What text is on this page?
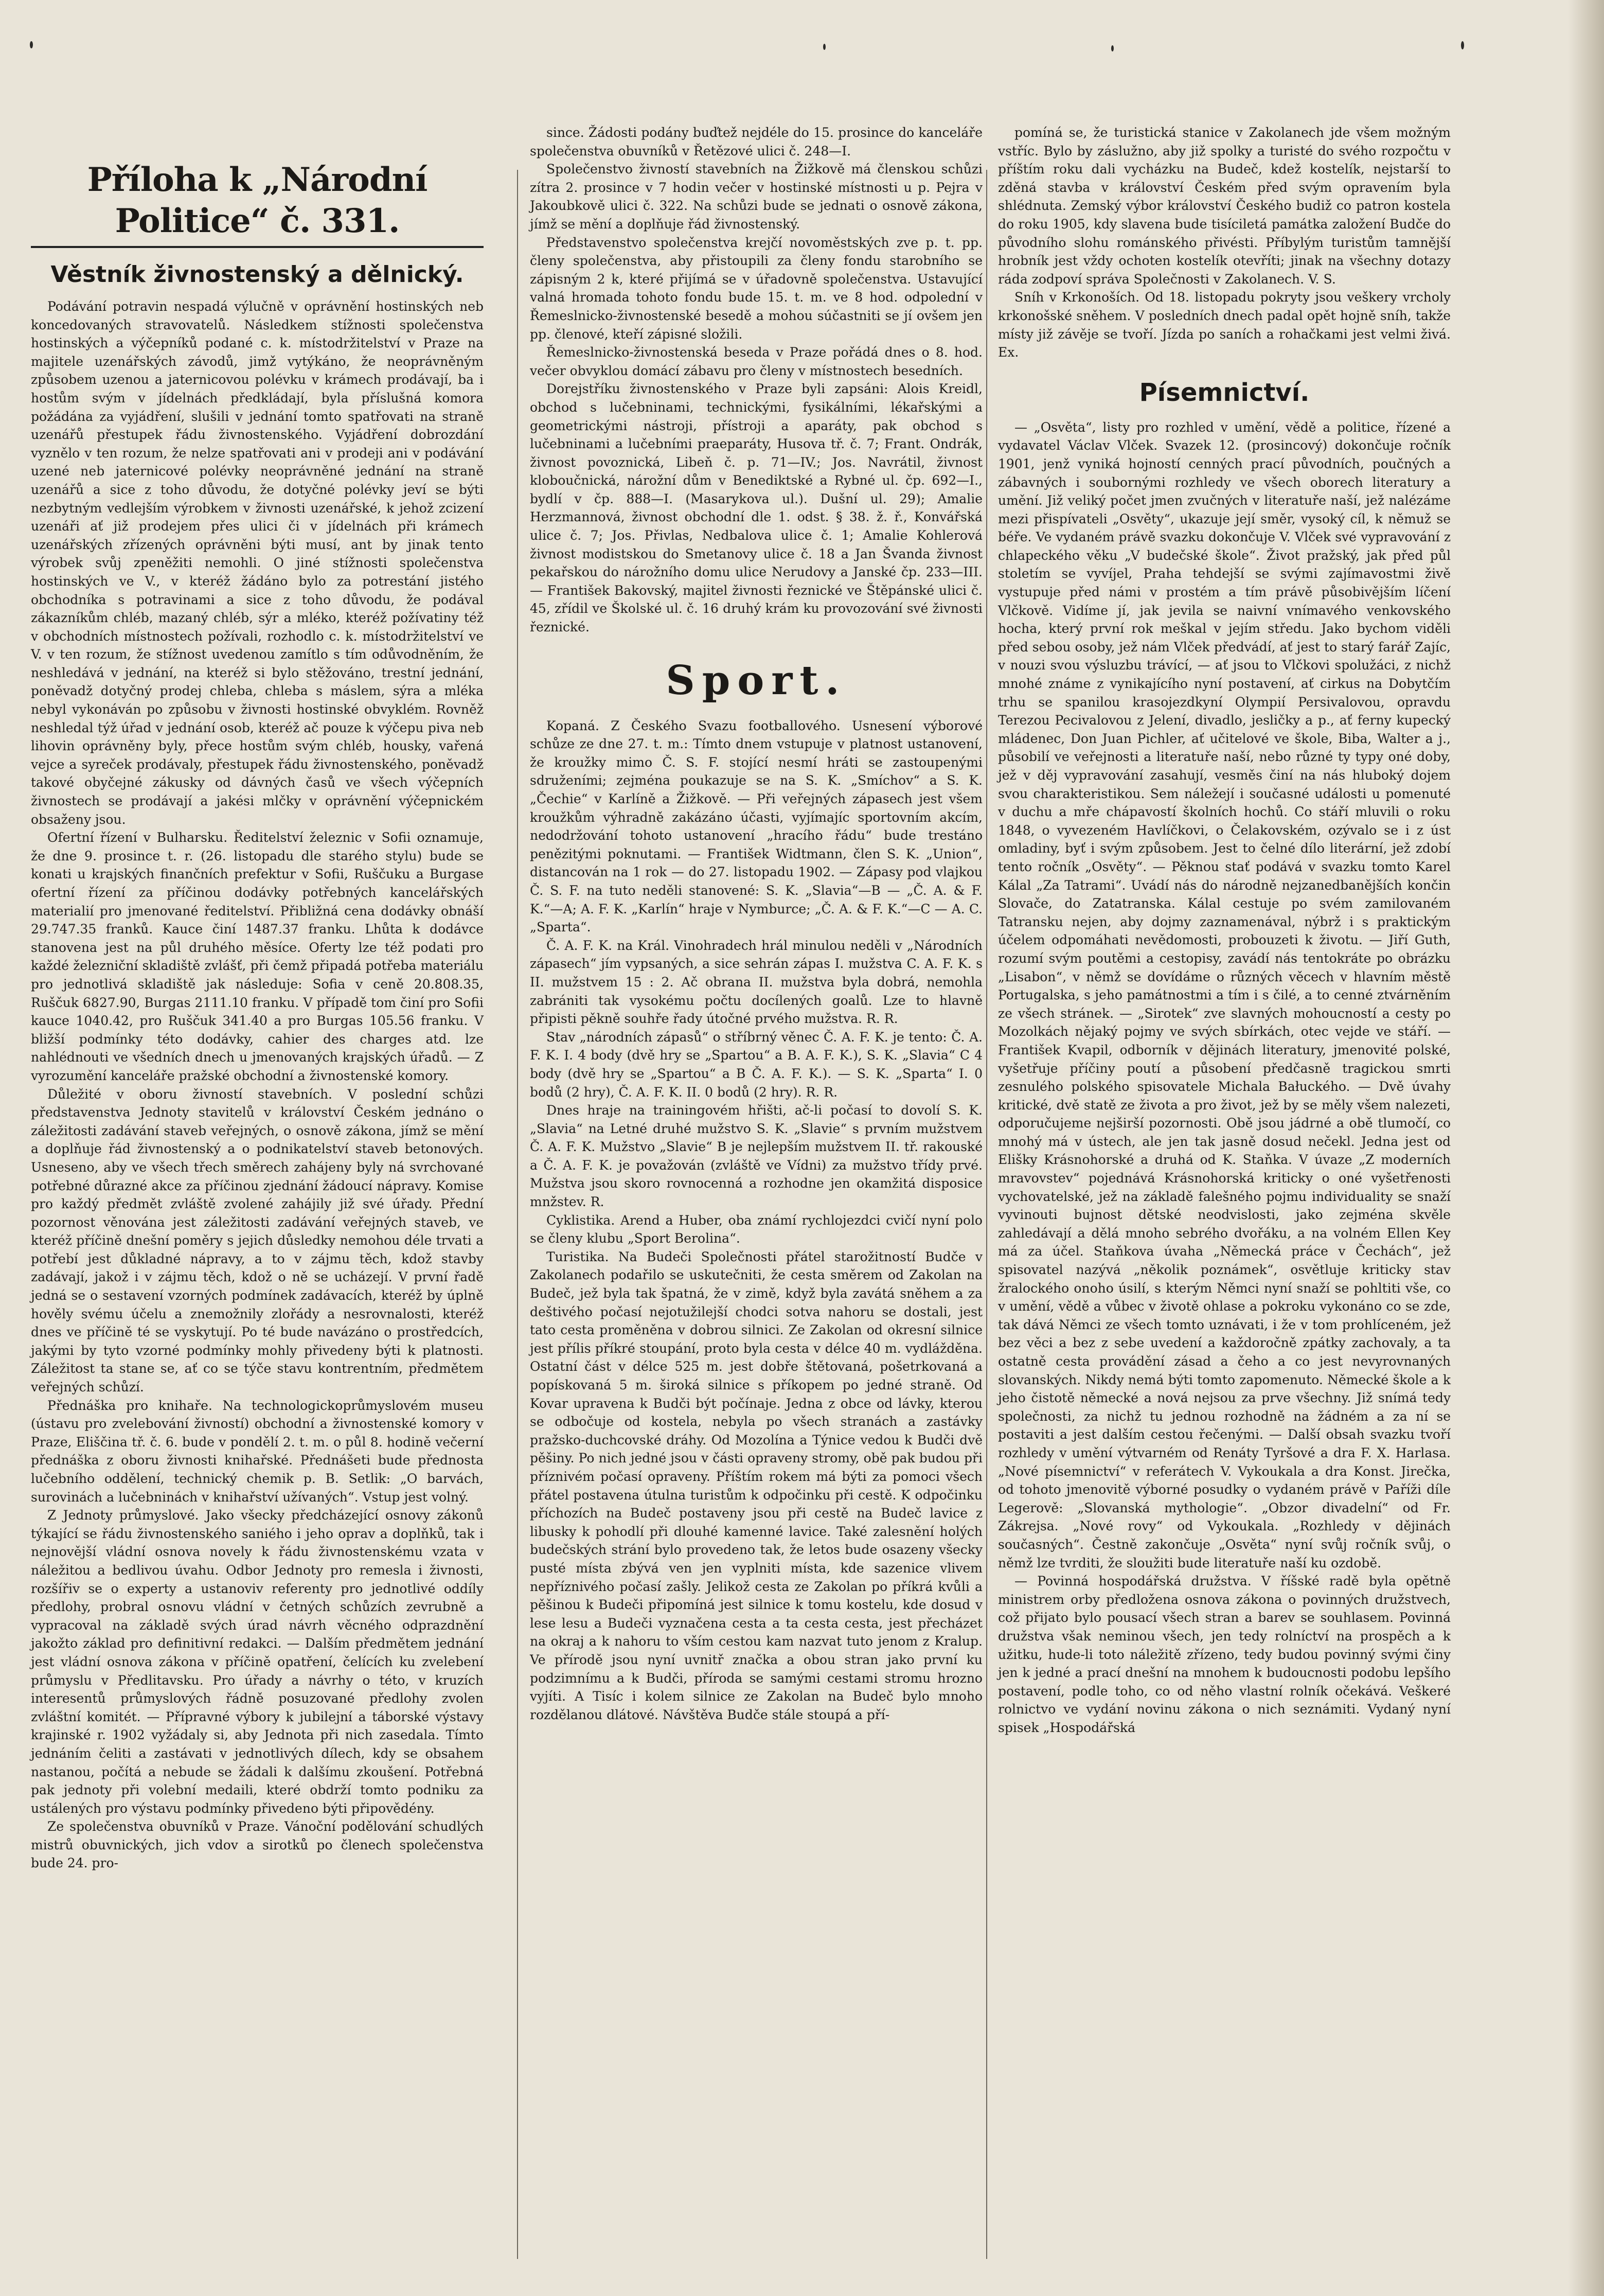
Příloha k „Národní Politice“ č. 331.
Věstník živnostenský a dělnický.

Podávání potravin nespadá výlučně v oprávnění hostinských neb koncedovaných stravovatelů. Následkem stížnosti společenstva hostinských a výčepníků podané c. k. místodržitelství v Praze na majitele uzenářských závodů, jimž vytýkáno, že neoprávněným způsobem uzenou a jaternicovou polévku v krámech prodávají, ba i hostům svým v jídelnách předkládají, byla příslušná komora požádána za vyjádření, slušili v jednání tomto spatřovati na straně uzenářů přestupek řádu živnostenského. Vyjádření dobrozdání vyznělo v ten rozum, že nelze spatřovati ani v prodeji ani v podávání uzené neb jaternicové polévky neoprávněné jednání na straně uzenářů a sice z toho důvodu, že dotyčné polévky jeví se býti nezbytným vedlejším výrobkem v živnosti uzenářské, k jehož zcizení uzenáři ať již prodejem přes ulici či v jídelnách při krámech uzenářských zřízených oprávněni býti musí, ant by jinak tento výrobek svůj zpeněžiti nemohli. O jiné stížnosti společenstva hostinských ve V., v kteréž žádáno bylo za potrestání jistého obchodníka s potravinami a sice z toho důvodu, že podával zákazníkům chléb, mazaný chléb, sýr a mléko, kteréž požívatiny též v obchodních místnostech požívali, rozhodlo c. k. místodržitelství ve V. v ten rozum, že stížnost uvedenou zamítlo s tím odůvodněním, že neshledává v jednání, na kteréž si bylo stěžováno, trestní jednání, poněvadž dotyčný prodej chleba, chleba s máslem, sýra a mléka nebyl vykonáván po způsobu v živnosti hostinské obvyklém. Rovněž neshledal týž úřad v jednání osob, kteréž ač pouze k výčepu piva neb lihovin oprávněny byly, přece hostům svým chléb, housky, vařená vejce a syreček prodávaly, přestupek řádu živnostenského, poněvadž takové obyčejné zákusky od dávných časů ve všech výčepních živnostech se prodávají a jakési mlčky v oprávnění výčepnickém obsaženy jsou.

Ofertní řízení v Bulharsku. Ředitelství železnic v Sofii oznamuje, že dne 9. prosince t. r. (26. listopadu dle starého stylu) bude se konati u krajských finančních prefektur v Sofii, Ruščuku a Burgase ofertní řízení za příčinou dodávky potřebných kancelářských materialií pro jmenované ředitelství. Přibližná cena dodávky obnáší 29.747.35 franků. Kauce činí 1487.37 franku. Lhůta k dodávce stanovena jest na půl druhého měsíce. Oferty lze též podati pro každé železniční skladiště zvlášť, při čemž připadá potřeba materiálu pro jednotlivá skladiště jak následuje: Sofia v ceně 20.808.35, Ruščuk 6827.90, Burgas 2111.10 franku. V případě tom činí pro Sofii kauce 1040.42, pro Ruščuk 341.40 a pro Burgas 105.56 franku. V bližší podmínky této dodávky, cahier des charges atd. lze nahlédnouti ve všedních dnech u jmenovaných krajských úřadů. — Z vyrozumění kanceláře pražské obchodní a živnostenské komory.

Důležité v oboru živností stavebních. V poslední schůzi představenstva Jednoty stavitelů v království Českém jednáno o záležitosti zadávání staveb veřejných, o osnově zákona, jímž se mění a doplňuje řád živnostenský a o podnikatelství staveb betonových. Usneseno, aby ve všech třech směrech zahájeny byly ná svrchované potřebné důrazné akce za příčinou zjednání žádoucí nápravy. Komise pro každý předmět zvláště zvolené zahájily již své úřady. Přední pozornost věnována jest záležitosti zadávání veřejných staveb, ve kteréž příčině dnešní poměry s jejich důsledky nemohou déle trvati a potřebí jest důkladné nápravy, a to v zájmu těch, kdož stavby zadávají, jakož i v zájmu těch, kdož o ně se ucházejí. V první řadě jedná se o sestavení vzorných podmínek zadávacích, kteréž by úplně hověly svému účelu a znemožnily zlořády a nesrovnalosti, kteréž dnes ve příčině té se vyskytují. Po té bude navázáno o prostředcích, jakými by tyto vzorné podmínky mohly přivedeny býti k platnosti. Záležitost ta stane se, ať co se týče stavu kontrentním, předmětem veřejných schůzí.

Přednáška pro knihaře. Na technologickoprůmyslovém museu (ústavu pro zvelebování živností) obchodní a živnostenské komory v Praze, Eliščina tř. č. 6. bude v pondělí 2. t. m. o půl 8. hodině večerní přednáška z oboru živnosti knihařské. Přednášeti bude přednosta lučebního oddělení, technický chemik p. B. Setlik: „O barvách, surovinách a lučebninách v knihařství užívaných“. Vstup jest volný.

Z Jednoty průmyslové. Jako všecky předcházející osnovy zákonů týkající se řádu živnostenského saniého i jeho oprav a doplňků, tak i nejnovější vládní osnova novely k řádu živnostenskému vzata v náležitou a bedlivou úvahu. Odbor Jednoty pro remesla i živnosti, rozšířiv se o experty a ustanoviv referenty pro jednotlivé oddíly předlohy, probral osnovu vládní v četných schůzích zevrubně a vypracoval na základě svých úrad návrh věcného odprazdnění jakožto základ pro definitivní redakci. — Dalším předmětem jednání jest vládní osnova zákona v příčině opatření, čelících ku zvelebení průmyslu v Předlitavsku. Pro úřady a návrhy o této, v kruzích interesentů průmyslových řádně posuzované předlohy zvolen zvláštní komitét. — Přípravné výbory k jubilejní a táborské výstavy krajinské r. 1902 vyžádaly si, aby Jednota při nich zasedala. Tímto jednáním čeliti a zastávati v jednotlivých dílech, kdy se obsahem nastanou, počítá a nebude se žádali k dalšímu zkoušení. Potřebná pak jednoty při volební medaili, které obdrží tomto podniku za ustálených pro výstavu podmínky přivedeno býti připovědény.

Ze společenstva obuvníků v Praze. Vánoční podělování schudlých mistrů obuvnických, jich vdov a sirotků po členech společenstva bude 24. pro-

since. Žádosti podány buďtež nejdéle do 15. prosince do kanceláře společenstva obuvníků v Řetězové ulici č. 248—I.

Společenstvo živností stavebních na Žižkově má členskou schůzi zítra 2. prosince v 7 hodin večer v hostinské místnosti u p. Pejra v Jakoubkově ulici č. 322. Na schůzi bude se jednati o osnově zákona, jímž se mění a doplňuje řád živnostenský.

Představenstvo společenstva krejčí novoměstských zve p. t. pp. členy společenstva, aby přistoupili za členy fondu starobního se zápisným 2 k, které přijímá se v úřadovně společenstva. Ustavující valná hromada tohoto fondu bude 15. t. m. ve 8 hod. odpolední v Řemeslnicko-živnostenské besedě a mohou súčastniti se jí ovšem jen pp. členové, kteří zápisné složili.

Řemeslnicko-živnostenská beseda v Praze pořádá dnes o 8. hod. večer obvyklou domácí zábavu pro členy v místnostech besedních.

Dorejstříku živnostenského v Praze byli zapsáni: Alois Kreidl, obchod s lučebninami, technickými, fysikálními, lékařskými a geometrickými nástroji, přístroji a aparáty, pak obchod s lučebninami a lučebními praeparáty, Husova tř. č. 7; Frant. Ondrák, živnost povoznická, Libeň č. p. 71—IV.; Jos. Navrátil, živnost kloboučnická, nárožní dům v Benediktské a Rybné ul. čp. 692—I., bydlí v čp. 888—I. (Masarykova ul.). Dušní ul. 29); Amalie Herzmannová, živnost obchodní dle 1. odst. § 38. ž. ř., Konvářská ulice č. 7; Jos. Přivlas, Nedbalova ulice č. 1; Amalie Kohlerová živnost modistskou do Smetanovy ulice č. 18 a Jan Švanda živnost pekařskou do nárožního domu ulice Nerudovy a Janské čp. 233—III. — František Bakovský, majitel živnosti řeznické ve Štěpánské ulici č. 45, zřídil ve Školské ul. č. 16 druhý krám ku provozování své živnosti řeznické.

Sport.

Kopaná. Z Českého Svazu footballového. Usnesení výborové schůze ze dne 27. t. m.: Tímto dnem vstupuje v platnost ustanovení, že kroužky mimo Č. S. F. stojící nesmí hráti se zastoupenými sdruženími; zejména poukazuje se na S. K. „Smíchov“ a S. K. „Čechie“ v Karlíně a Žižkově. — Při veřejných zápasech jest všem kroužkům výhradně zakázáno účasti, vyjímajíc sportovním akcím, nedodržování tohoto ustanovení „hracího řádu“ bude trestáno penězitými poknutami. — František Widtmann, člen S. K. „Union“, distancován na 1 rok — do 27. listopadu 1902. — Zápasy pod vlajkou Č. S. F. na tuto neděli stanovené: S. K. „Slavia“—B — „Č. A. & F. K.“—A; A. F. K. „Karlín“ hraje v Nymburce; „Č. A. & F. K.“—C — A. C. „Sparta“.

Č. A. F. K. na Král. Vinohradech hrál minulou neděli v „Národních zápasech“ jím vypsaných, a sice sehrán zápas I. mužstva C. A. F. K. s II. mužstvem 15 : 2. Ač obrana II. mužstva byla dobrá, nemohla zabrániti tak vysokému počtu docílených goalů. Lze to hlavně připisti pěkně souhře řady útočné prvého mužstva. R. R.

Stav „národních zápasů“ o stříbrný věnec Č. A. F. K. je tento: Č. A. F. K. I. 4 body (dvě hry se „Spartou“ a B. A. F. K.), S. K. „Slavia“ C 4 body (dvě hry se „Spartou“ a B Č. A. F. K.). — S. K. „Sparta“ I. 0 bodů (2 hry), Č. A. F. K. II. 0 bodů (2 hry). R. R.

Dnes hraje na trainingovém hřišti, ač-li počasí to dovolí S. K. „Slavia“ na Letné druhé mužstvo S. K. „Slavie“ s prvním mužstvem Č. A. F. K. Mužstvo „Slavie“ B je nejlepším mužstvem II. tř. rakouské a Č. A. F. K. je považován (zvláště ve Vídni) za mužstvo třídy prvé. Mužstva jsou skoro rovnocenná a rozhodne jen okamžitá disposice mnžstev. R.

Cyklistika. Arend a Huber, oba známí rychlojezdci cvičí nyní polo se členy klubu „Sport Berolina“.

Turistika. Na Budeči Společnosti přátel starožitností Budče v Zakolanech podařilo se uskutečniti, že cesta směrem od Zakolan na Budeč, jež byla tak špatná, že v zimě, když byla zavátá sněhem a za deštivého počasí nejotužilejší chodci sotva nahoru se dostali, jest tato cesta proměněna v dobrou silnici. Ze Zakolan od okresní silnice jest přílis příkré stoupání, proto byla cesta v délce 40 m. vydlážděna. Ostatní část v délce 525 m. jest dobře štětovaná, pošetrkovaná a popískovaná 5 m. široká silnice s příkopem po jedné straně. Od Kovar upravena k Budči být počínaje. Jedna z obce od lávky, kterou se odbočuje od kostela, nebyla po všech stranách a zastávky pražsko-duchcovské dráhy. Od Mozolína a Týnice vedou k Budči dvě pěšiny. Po nich jedné jsou v části opraveny stromy, obě pak budou při příznivém počasí opraveny. Příštím rokem má býti za pomoci všech přátel postavena útulna turistům k odpočinku při cestě. K odpočinku příchozích na Budeč postaveny jsou při cestě na Budeč lavice z libusky k pohodlí při dlouhé kamenné lavice. Také zalesnění holých budečských strání bylo provedeno tak, že letos bude osazeny všecky pusté místa zbývá ven jen vyplniti místa, kde sazenice vlivem nepříznivého počasí zašly. Jelikož cesta ze Zakolan po příkrá kvůli a pěšinou k Budeči připomíná jest silnice k tomu kostelu, kde dosud v lese lesu a Budeči vyznačena cesta a ta cesta cesta, jest přecházet na okraj a k nahoru to vším cestou kam nazvat tuto jenom z Kralup. Ve přírodě jsou nyní uvnitř značka a obou stran jako první ku podzimnímu a k Budči, příroda se samými cestami stromu hrozno vyjíti. A Tisíc i kolem silnice ze Zakolan na Budeč bylo mnoho rozdělanou dlátové. Návštěva Budče stále stoupá a pří-

pomíná se, že turistická stanice v Zakolanech jde všem možným vstříc. Bylo by záslužno, aby již spolky a turisté do svého rozpočtu v příštím roku dali vycházku na Budeč, kdež kostelík, nejstarší to zděná stavba v království Českém před svým opravením byla shlédnuta. Zemský výbor království Českého budiž co patron kostela do roku 1905, kdy slavena bude tisíciletá památka založení Budče do původního slohu románského přivésti. Příbylým turistům tamnější hrobník jest vždy ochoten kostelík otevříti; jinak na všechny dotazy ráda zodpoví správa Společnosti v Zakolanech. V. S.

Sníh v Krkonoších. Od 18. listopadu pokryty jsou veškery vrcholy krkonošské sněhem. V posledních dnech padal opět hojně sníh, takže místy již závěje se tvoří. Jízda po saních a rohačkami jest velmi živá. Ex.

Písemnictví.

— „Osvěta“, listy pro rozhled v umění, vědě a politice, řízené a vydavatel Václav Vlček. Svazek 12. (prosincový) dokončuje ročník 1901, jenž vyniká hojností cenných prací původních, poučných a zábavných i soubornými rozhledy ve všech oborech literatury a umění. Již veliký počet jmen zvučných v literatuře naší, jež nalézáme mezi přispívateli „Osvěty“, ukazuje její směr, vysoký cíl, k němuž se béře. Ve vydaném právě svazku dokončuje V. Vlček své vypravování z chlapeckého věku „V budečské škole“. Život pražský, jak před půl stoletím se vyvíjel, Praha tehdejší se svými zajímavostmi živě vystupuje před námi v prostém a tím právě působivějším líčení Vlčkově. Vidíme jí, jak jevila se naivní vnímavého venkovského hocha, který první rok meškal v jejím středu. Jako bychom viděli před sebou osoby, jež nám Vlček předvádí, ať jest to starý farář Zajíc, v nouzi svou výsluzbu trávící, — ať jsou to Vlčkovi spolužáci, z nichž mnohé známe z vynikajícího nyní postavení, ať cirkus na Dobytčím trhu se spanilou krasojezdkyní Olympií Persivalovou, opravdu Terezou Pecivalovou z Jelení, divadlo, jesličky a p., ať ferny kupecký mládenec, Don Juan Pichler, ať učitelové ve škole, Biba, Walter a j., působilí ve veřejnosti a literatuře naší, nebo různé ty typy oné doby, jež v děj vypravování zasahují, vesměs činí na nás hluboký dojem svou charakteristikou. Sem náležejí i současné události u pomenuté v duchu a mře chápavostí školních hochů. Co stáří mluvili o roku 1848, o vyvezeném Havlíčkovi, o Čelakovském, ozývalo se i z úst omladiny, byť i svým způsobem. Jest to čelné dílo literární, jež zdobí tento ročník „Osvěty“. — Pěknou stať podává v svazku tomto Karel Kálal „Za Tatrami“. Uvádí nás do národně nejzanedbanějších končin Slovače, do Zatatranska. Kálal cestuje po svém zamilovaném Tatransku nejen, aby dojmy zaznamenával, nýbrž i s praktickým účelem odpomáhati nevědomosti, probouzeti k životu. — Jiří Guth, rozumí svým poutěmi a cestopisy, zavádí nás tentokráte po obrázku „Lisabon“, v němž se dovídáme o různých věcech v hlavním městě Portugalska, s jeho památnostmi a tím i s čilé, a to cenné ztvárněním ze všech stránek. — „Sirotek“ zve slavných mohoucností a cesty po Mozolkách nějaký pojmy ve svých sbírkách, otec vejde ve stáří. — František Kvapil, odborník v dějinách literatury, jmenovité polské, vyšetřuje příčiny poutí a působení předčasně tragickou smrti zesnulého polského spisovatele Michala Bałuckého. — Dvě úvahy kritické, dvě statě ze života a pro život, jež by se měly všem nalezeti, odporučujeme nejširší pozornosti. Obě jsou jádrné a obě tlumočí, co mnohý má v ústech, ale jen tak jasně dosud nečekl. Jedna jest od Elišky Krásnohorské a druhá od K. Staňka. V úvaze „Z moderních mravovstev“ pojednává Krásnohorská kriticky o oné vyšetřenosti vychovatelské, jež na základě falešného pojmu individuality se snaží vyvinouti bujnost dětské neodvislosti, jako zejména skvěle zahledávají a dělá mnoho sebrého dvořáku, a na volném Ellen Key má za účel. Staňkova úvaha „Německá práce v Čechách“, jež spisovatel nazývá „několik poznámek“, osvětluje kriticky stav žralockého onoho úsilí, s kterým Němci nyní snaží se pohltiti vše, co v umění, vědě a vůbec v životě ohlase a pokroku vykonáno co se zde, tak dává Němci ze všech tomto uznávati, i že v tom prohlíceném, jež bez věci a bez z sebe uvedení a každoročně zpátky zachovaly, a ta ostatně cesta provádění zásad a čeho a co jest nevyrovnaných slovanských. Nikdy nemá býti tomto zapomenuto. Německé škole a k jeho čistotě německé a nová nejsou za prve všechny. Již snímá tedy společnosti, za nichž tu jednou rozhodně na žádném a za ní se postaviti a jest dalším cestou řečenými. — Další obsah svazku tvoří rozhledy v umění výtvarném od Renáty Tyršové a dra F. X. Harlasa. „Nové písemnictví“ v referátech V. Vykoukala a dra Konst. Jirečka, od tohoto jmenovitě výborné posudky o vydaném právě v Paříži díle Legerově: „Slovanská mythologie“. „Obzor divadelní“ od Fr. Zákrejsa. „Nové rovy“ od Vykoukala. „Rozhledy v dějinách současných“. Čestně zakončuje „Osvěta“ nyní svůj ročník svůj, o němž lze tvrditi, že sloužiti bude literatuře naší ku ozdobě.

— Povinná hospodářská družstva. V říšské radě byla opětně ministrem orby předložena osnova zákona o povinných družstvech, což přijato bylo pousací všech stran a barev se souhlasem. Povinná družstva však neminou všech, jen tedy rolníctví na prospěch a k užitku, hude-li toto náležitě zřízeno, tedy budou povinný svými činy jen k jedné a prací dnešní na mnohem k budoucnosti podobu lepšího postavení, podle toho, co od něho vlastní rolník očekává. Veškeré rolnictvo ve vydání novinu zákona o nich seznámiti. Vydaný nyní spisek „Hospodářská
